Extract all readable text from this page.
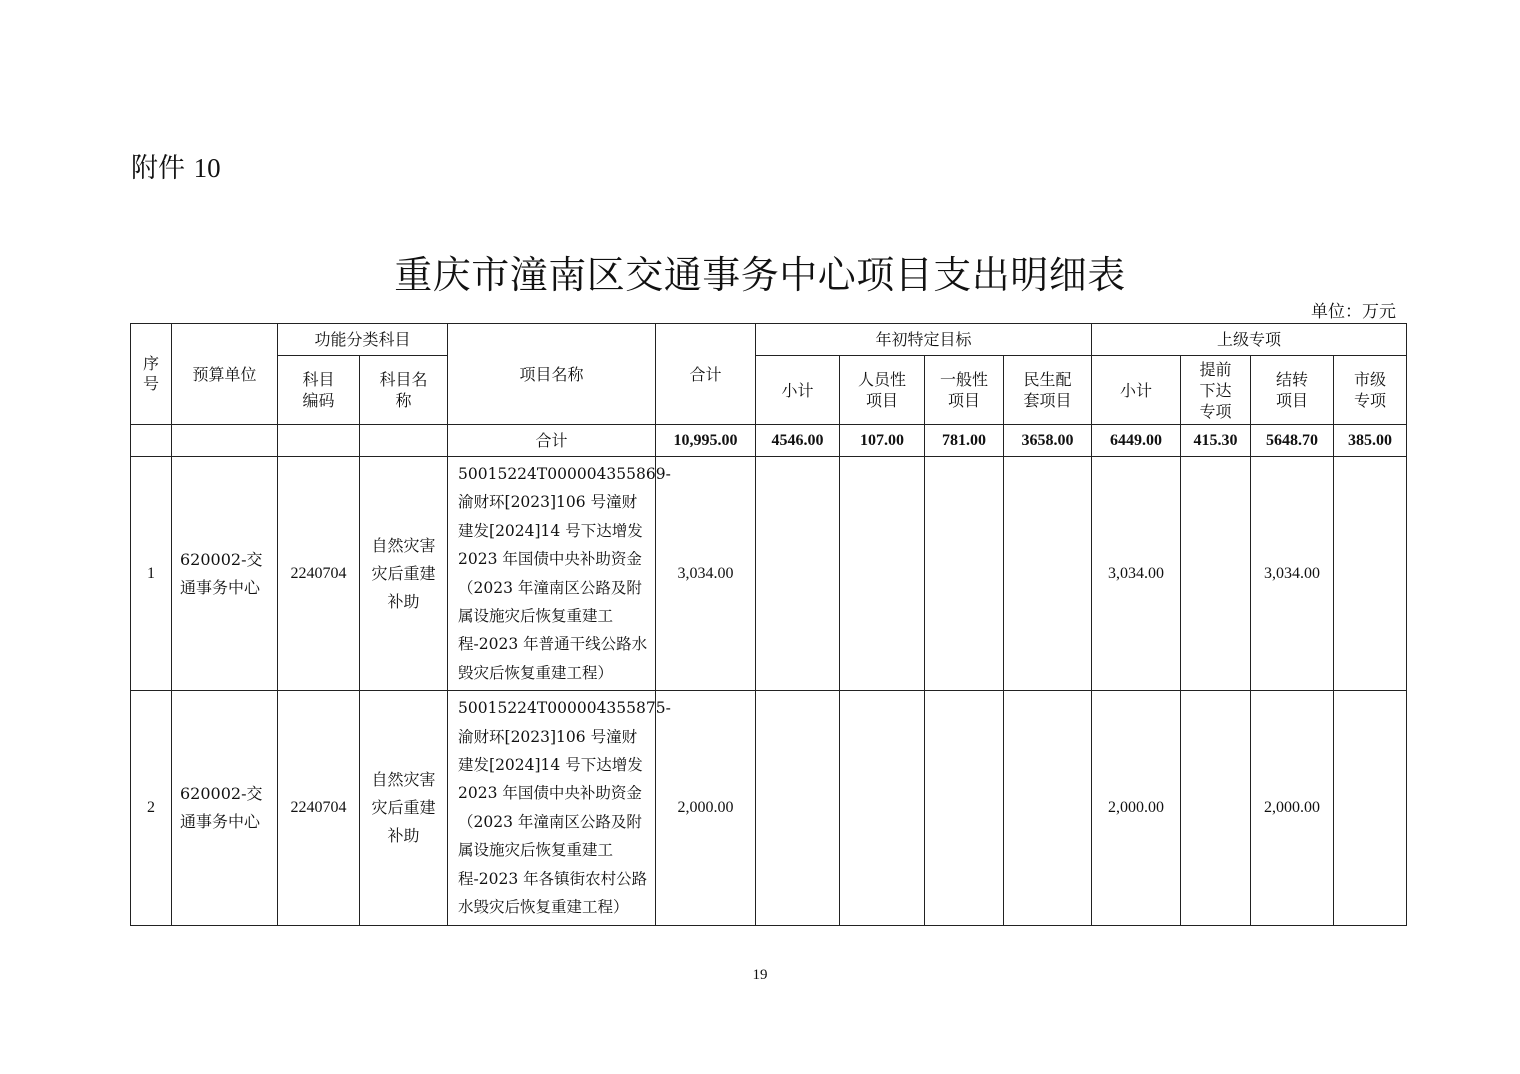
附件 10
重庆市潼南区交通事务中心项目支出明细表
单位：万元
序号	预算单位	功能分类科目		项目名称	合计	年初特定目标				上级专项			
		科目编码	科目名称			小计	人员性项目	一般性项目	民生配套项目	小计	提前下达专项	结转项目	市级专项
				合计	10,995.00	4546.00	107.00	781.00	3658.00	6449.00	415.30	5648.70	385.00
1	620002-交通事务中心	2240704	自然灾害灾后重建补助	50015224T000004355869-渝财环[2023]106 号潼财建发[2024]14 号下达增发 2023 年国债中央补助资金（2023 年潼南区公路及附属设施灾后恢复重建工程-2023 年普通干线公路水毁灾后恢复重建工程）	3,034.00					3,034.00		3,034.00	
2	620002-交通事务中心	2240704	自然灾害灾后重建补助	50015224T000004355875-渝财环[2023]106 号潼财建发[2024]14 号下达增发 2023 年国债中央补助资金（2023 年潼南区公路及附属设施灾后恢复重建工程-2023 年各镇街农村公路水毁灾后恢复重建工程）	2,000.00					2,000.00		2,000.00	
19
